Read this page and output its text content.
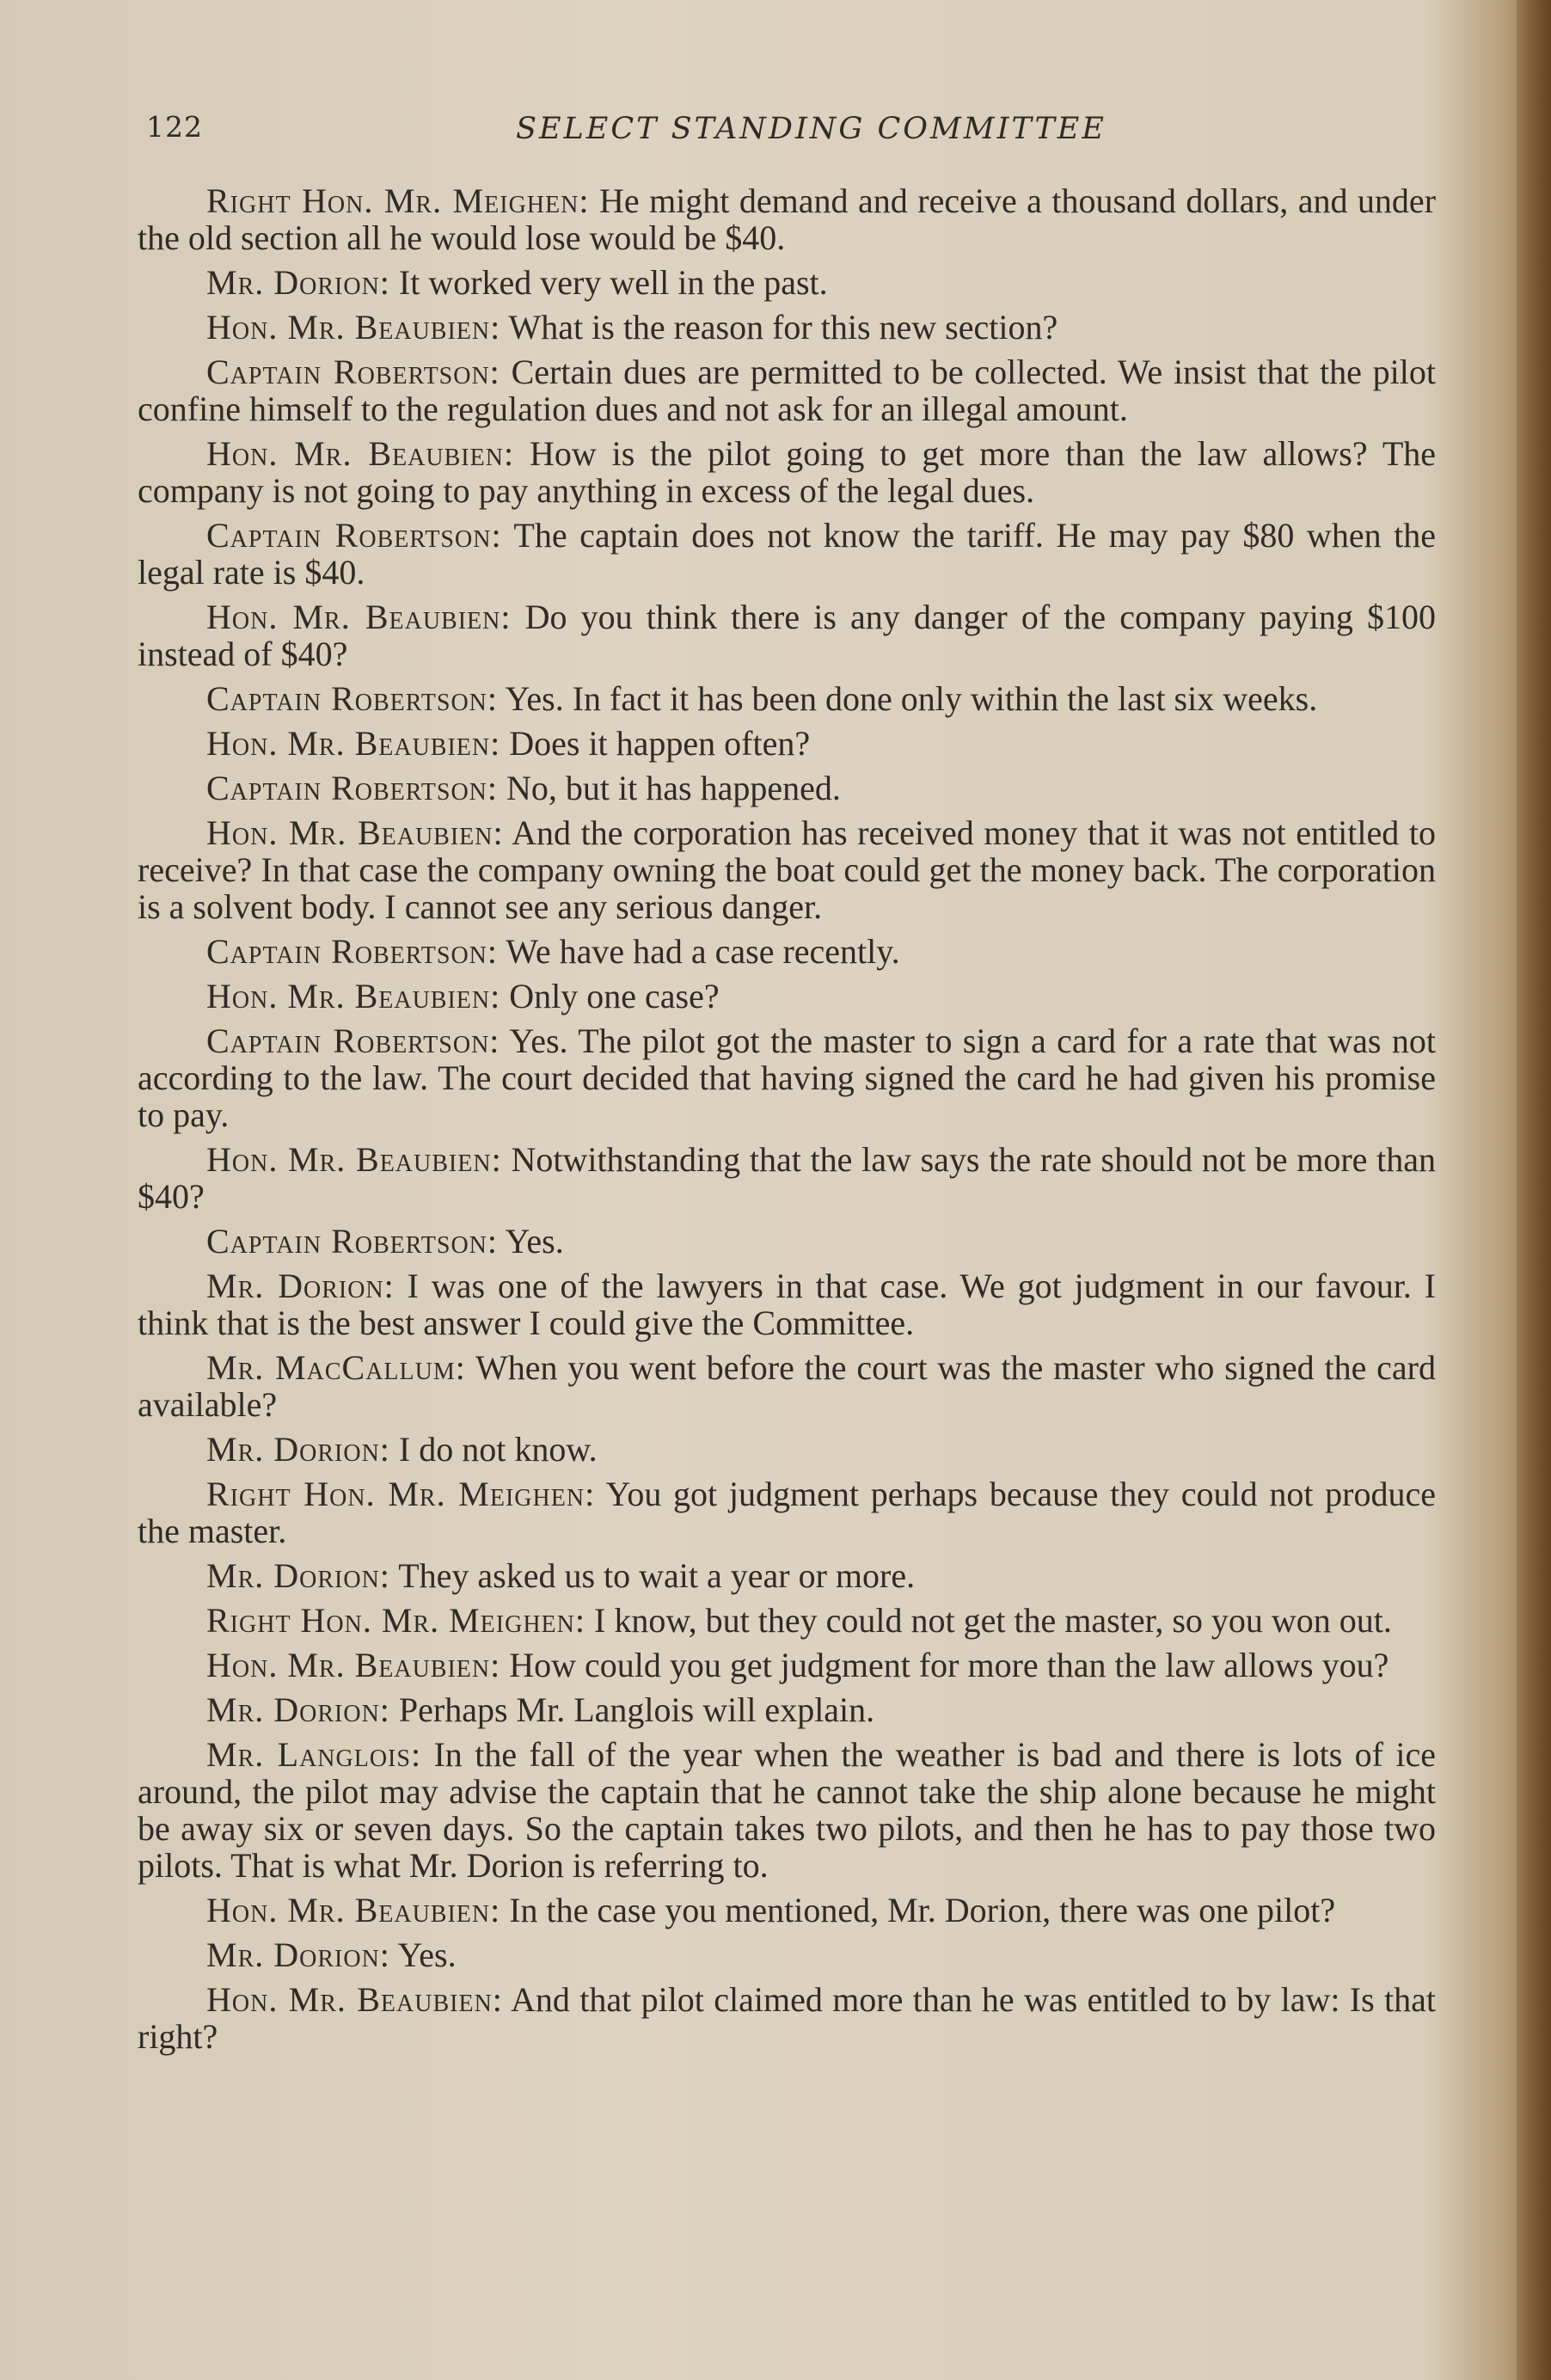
122	SELECT STANDING COMMITTEE

Right Hon. Mr. Meighen: He might demand and receive a thousand dollars, and under the old section all he would lose would be $40.

Mr. Dorion: It worked very well in the past.

Hon. Mr. Beaubien: What is the reason for this new section?

Captain Robertson: Certain dues are permitted to be collected. We insist that the pilot confine himself to the regulation dues and not ask for an illegal amount.

Hon. Mr. Beaubien: How is the pilot going to get more than the law allows? The company is not going to pay anything in excess of the legal dues.

Captain Robertson: The captain does not know the tariff. He may pay $80 when the legal rate is $40.

Hon. Mr. Beaubien: Do you think there is any danger of the company paying $100 instead of $40?

Captain Robertson: Yes. In fact it has been done only within the last six weeks.

Hon. Mr. Beaubien: Does it happen often?

Captain Robertson: No, but it has happened.

Hon. Mr. Beaubien: And the corporation has received money that it was not entitled to receive? In that case the company owning the boat could get the money back. The corporation is a solvent body. I cannot see any serious danger.

Captain Robertson: We have had a case recently.

Hon. Mr. Beaubien: Only one case?

Captain Robertson: Yes. The pilot got the master to sign a card for a rate that was not according to the law. The court decided that having signed the card he had given his promise to pay.

Hon. Mr. Beaubien: Notwithstanding that the law says the rate should not be more than $40?

Captain Robertson: Yes.

Mr. Dorion: I was one of the lawyers in that case. We got judgment in our favour. I think that is the best answer I could give the Committee.

Mr. MacCallum: When you went before the court was the master who signed the card available?

Mr. Dorion: I do not know.

Right Hon. Mr. Meighen: You got judgment perhaps because they could not produce the master.

Mr. Dorion: They asked us to wait a year or more.

Right Hon. Mr. Meighen: I know, but they could not get the master, so you won out.

Hon. Mr. Beaubien: How could you get judgment for more than the law allows you?

Mr. Dorion: Perhaps Mr. Langlois will explain.

Mr. Langlois: In the fall of the year when the weather is bad and there is lots of ice around, the pilot may advise the captain that he cannot take the ship alone because he might be away six or seven days. So the captain takes two pilots, and then he has to pay those two pilots. That is what Mr. Dorion is referring to.

Hon. Mr. Beaubien: In the case you mentioned, Mr. Dorion, there was one pilot?

Mr. Dorion: Yes.

Hon. Mr. Beaubien: And that pilot claimed more than he was entitled to by law: Is that right?
